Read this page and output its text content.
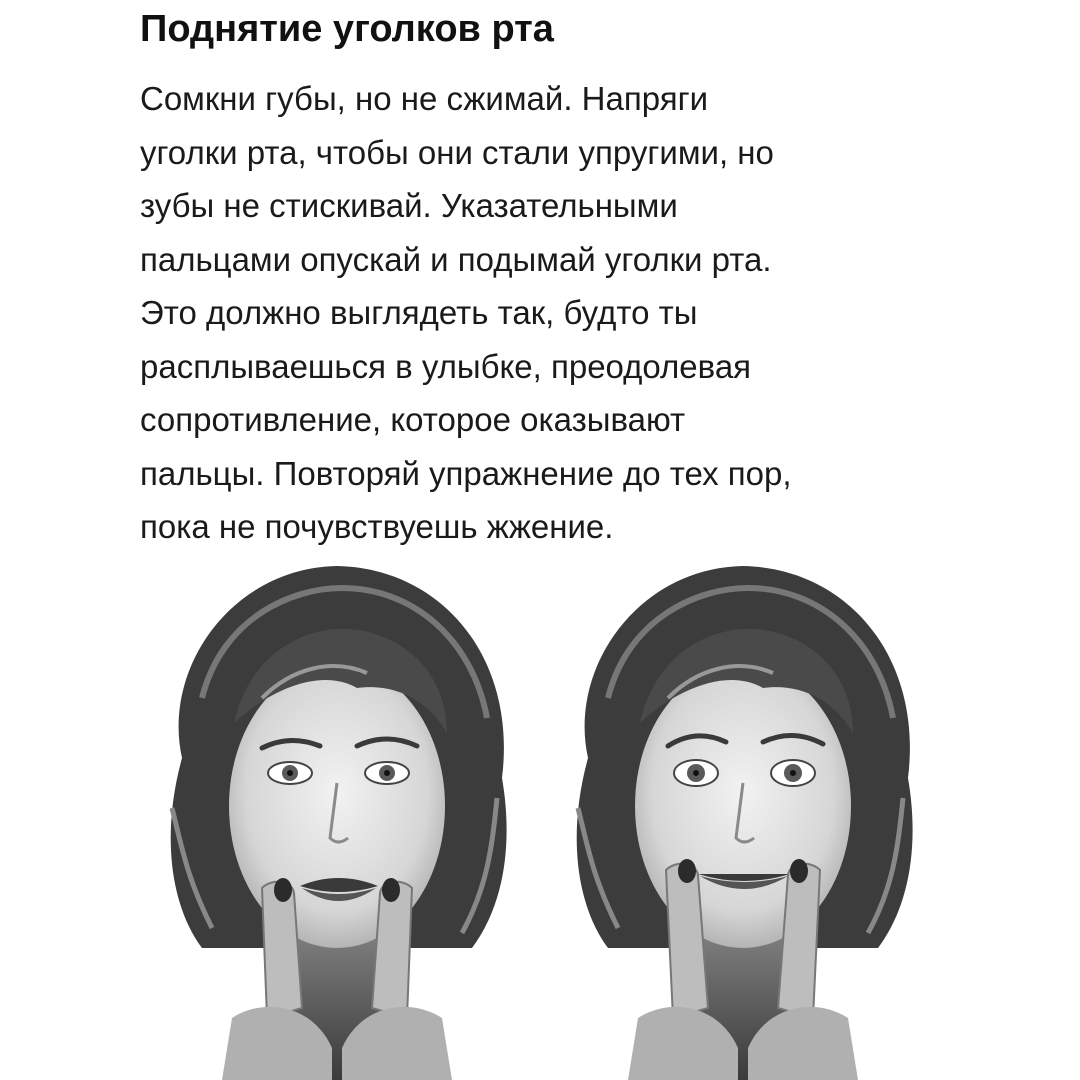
Поднятие уголков рта

Сомкни губы, но не сжимай. Напряги
уголки рта, чтобы они стали упругими, но
зубы не стискивай. Указательными
пальцами опускай и подымай уголки рта.
Это должно выглядеть так, будто ты
расплываешься в улыбке, преодолевая
сопротивление, которое оказывают
пальцы. Повторяй упражнение до тех пор,
пока не почувствуешь жжение.
